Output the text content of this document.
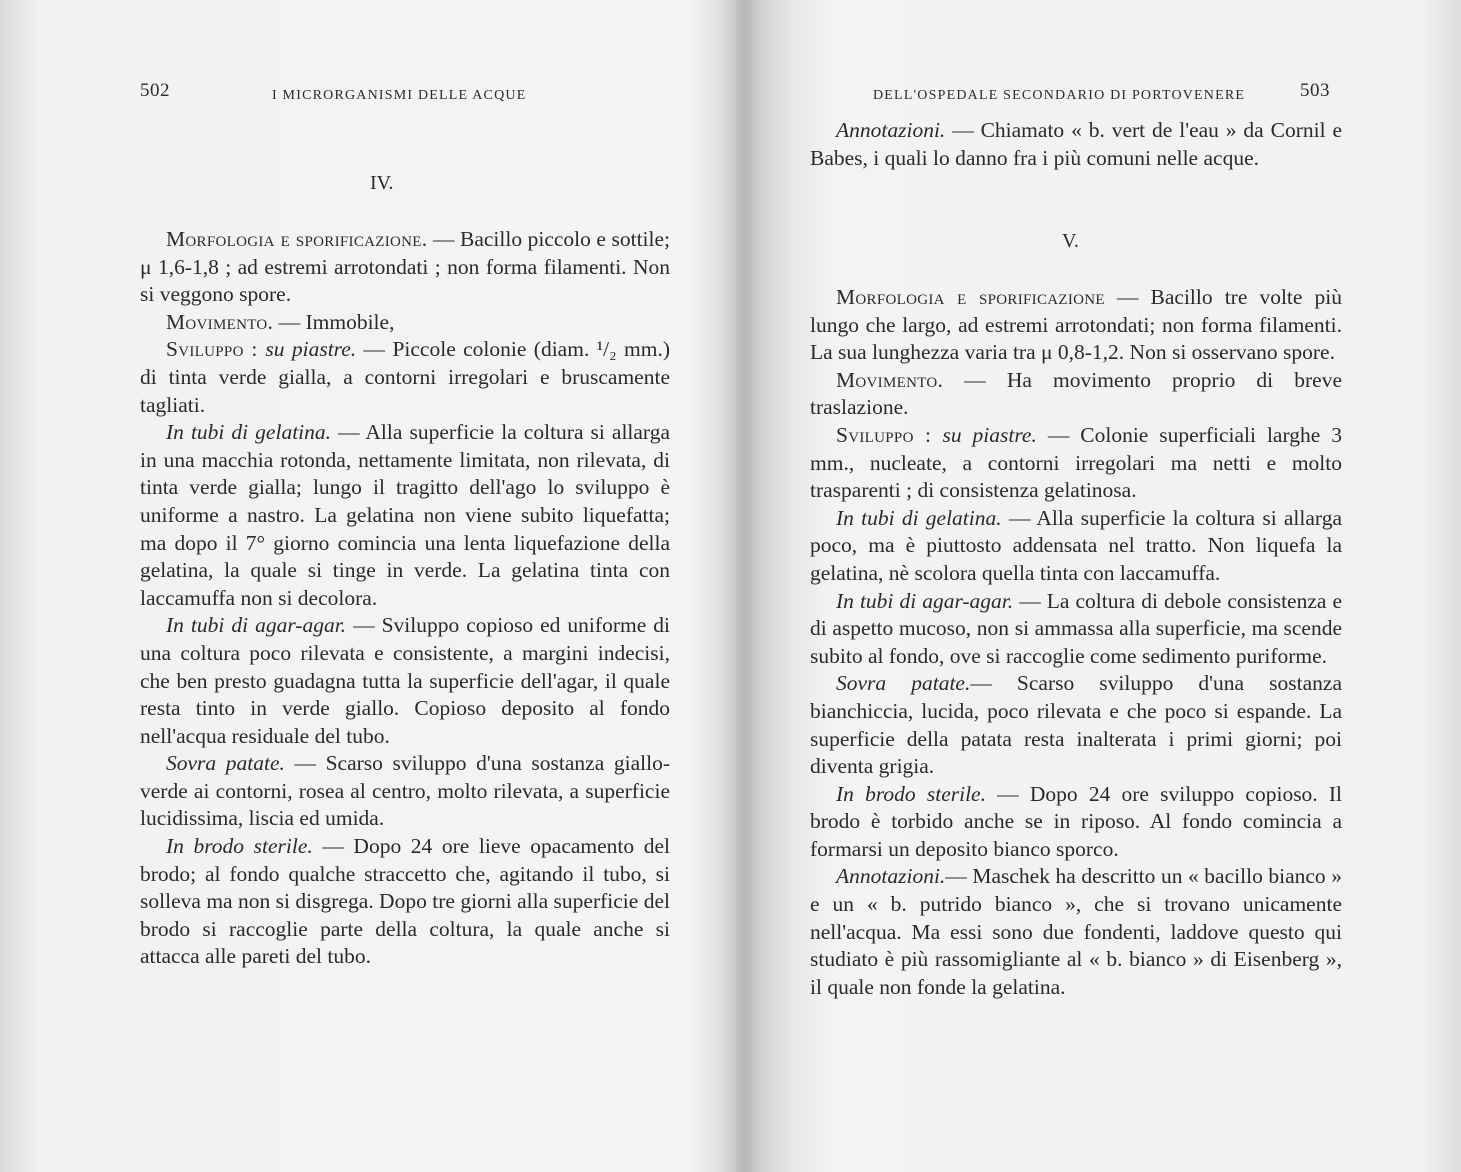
502	I MICRORGANISMI DELLE ACQUE
IV.

Morfologia e sporificazione. — Bacillo piccolo e sottile; μ 1,6-1,8 ; ad estremi arrotondati ; non forma filamenti. Non si veggono spore.

Movimento. — Immobile,

Sviluppo : su piastre. — Piccole colonie (diam. ¹/₂ mm.) di tinta verde gialla, a contorni irregolari e bruscamente tagliati.

In tubi di gelatina. — Alla superficie la coltura si allarga in una macchia rotonda, nettamente limitata, non rilevata, di tinta verde gialla; lungo il tragitto dell'ago lo sviluppo è uniforme a nastro. La gelatina non viene subito liquefatta; ma dopo il 7° giorno comincia una lenta liquefazione della gelatina, la quale si tinge in verde. La gelatina tinta con laccamuffa non si decolora.

In tubi di agar-agar. — Sviluppo copioso ed uniforme di una coltura poco rilevata e consistente, a margini indecisi, che ben presto guadagna tutta la superficie dell'agar, il quale resta tinto in verde giallo. Copioso deposito al fondo nell'acqua residuale del tubo.

Sovra patate. — Scarso sviluppo d'una sostanza giallo-verde ai contorni, rosea al centro, molto rilevata, a superficie lucidissima, liscia ed umida.

In brodo sterile. — Dopo 24 ore lieve opacamento del brodo; al fondo qualche straccetto che, agitando il tubo, si solleva ma non si disgrega. Dopo tre giorni alla superficie del brodo si raccoglie parte della coltura, la quale anche si attacca alle pareti del tubo.

DELL'OSPEDALE SECONDARIO DI PORTOVENERE	503

Annotazioni. — Chiamato « b. vert de l'eau » da Cornil e Babes, i quali lo danno fra i più comuni nelle acque.

V.

Morfologia e sporificazione — Bacillo tre volte più lungo che largo, ad estremi arrotondati; non forma filamenti. La sua lunghezza varia tra μ 0,8-1,2. Non si osservano spore.

Movimento. — Ha movimento proprio di breve traslazione.

Sviluppo : su piastre. — Colonie superficiali larghe 3 mm., nucleate, a contorni irregolari ma netti e molto trasparenti ; di consistenza gelatinosa.

In tubi di gelatina. — Alla superficie la coltura si allarga poco, ma è piuttosto addensata nel tratto. Non liquefa la gelatina, nè scolora quella tinta con laccamuffa.

In tubi di agar-agar. — La coltura di debole consistenza e di aspetto mucoso, non si ammassa alla superficie, ma scende subito al fondo, ove si raccoglie come sedimento puriforme.

Sovra patate.— Scarso sviluppo d'una sostanza bianchiccia, lucida, poco rilevata e che poco si espande. La superficie della patata resta inalterata i primi giorni; poi diventa grigia.

In brodo sterile. — Dopo 24 ore sviluppo copioso. Il brodo è torbido anche se in riposo. Al fondo comincia a formarsi un deposito bianco sporco.

Annotazioni.— Maschek ha descritto un « bacillo bianco » e un « b. putrido bianco », che si trovano unicamente nell'acqua. Ma essi sono due fondenti, laddove questo qui studiato è più rassomigliante al « b. bianco » di Eisenberg », il quale non fonde la gelatina.
